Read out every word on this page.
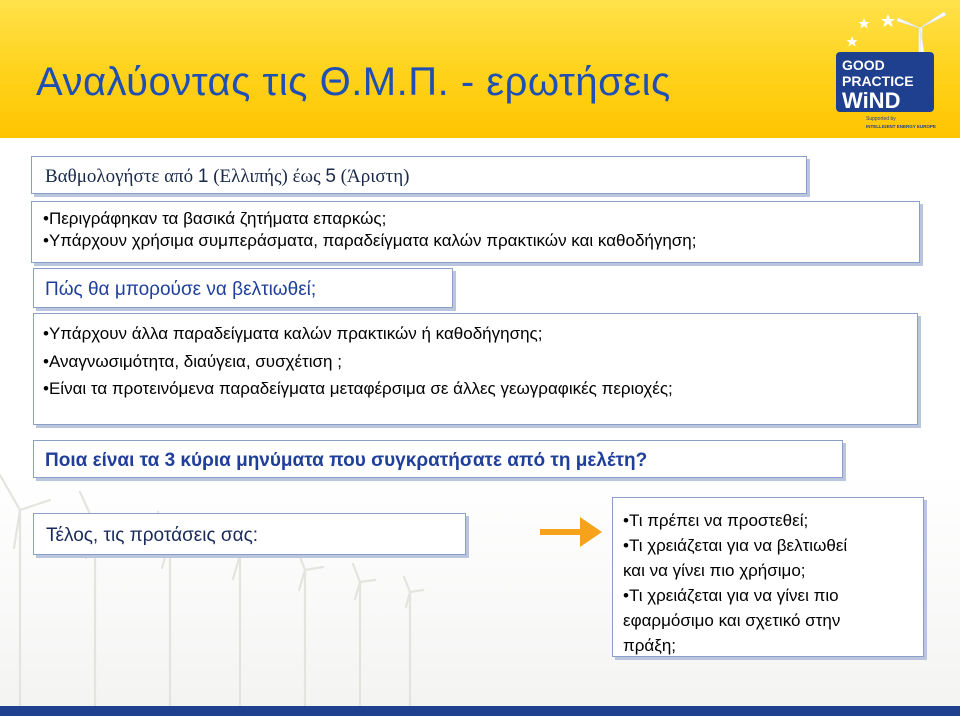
Αναλύοντας τις Θ.Μ.Π. - ερωτήσεις	GOOD
PRACTICE
WiND
Supported by
INTELLIGENT ENERGY EUROPE
Βαθμολογήστε από 1 (Ελλιπής) έως 5 (Άριστη)
• Περιγράφηκαν τα βασικά ζητήματα επαρκώς;
• Υπάρχουν χρήσιμα συμπεράσματα, παραδείγματα καλών πρακτικών και καθοδήγηση;
Πώς θα μπορούσε να βελτιωθεί;
• Υπάρχουν άλλα παραδείγματα καλών πρακτικών ή καθοδήγησης;
• Αναγνωσιμότητα, διαύγεια, συσχέτιση ;
• Είναι τα προτεινόμενα παραδείγματα μεταφέρσιμα σε άλλες γεωγραφικές περιοχές;
Ποια είναι τα 3 κύρια μηνύματα που συγκρατήσατε από τη μελέτη?
Τέλος, τις προτάσεις σας:
•Τι πρέπει να προστεθεί;
•Τι χρειάζεται για να βελτιωθεί
και να γίνει πιο χρήσιμο;
•Τι χρειάζεται για να γίνει πιο
εφαρμόσιμο και σχετικό στην
πράξη;
